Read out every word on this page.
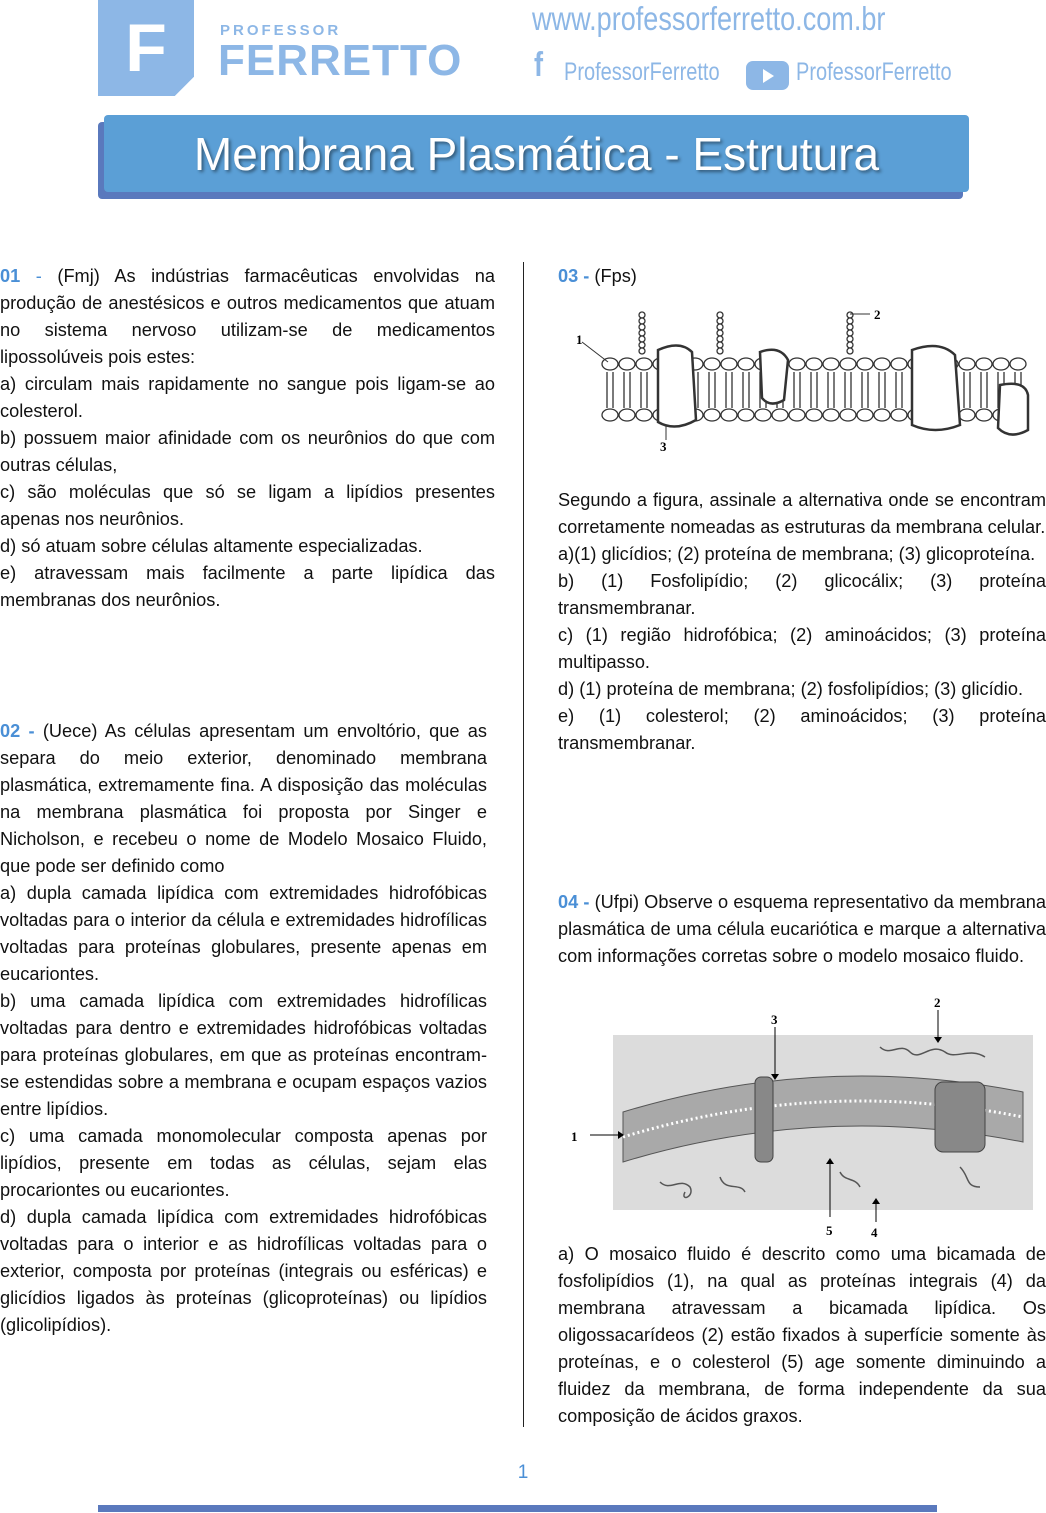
F	PROFESSOR
FERRETTO
www.professorferretto.com.br
f ProfessorFerretto	ProfessorFerretto
Membrana Plasmática - Estrutura

01 - (Fmj) As indústrias farmacêuticas envolvidas na produção de anestésicos e outros medicamentos que atuam no sistema nervoso utilizam-se de medicamentos lipossolúveis pois estes:

a) circulam mais rapidamente no sangue pois ligam-se ao colesterol.

b) possuem maior afinidade com os neurônios do que com outras células,

c) são moléculas que só se ligam a lipídios presentes apenas nos neurônios.

d) só atuam sobre células altamente especializadas.

e) atravessam mais facilmente a parte lipídica das membranas dos neurônios.

02 - (Uece) As células apresentam um envoltório, que as separa do meio exterior, denominado membrana plasmática, extremamente fina. A disposição das moléculas na membrana plasmática foi proposta por Singer e Nicholson, e recebeu o nome de Modelo Mosaico Fluido, que pode ser definido como

a) dupla camada lipídica com extremidades hidrofóbicas voltadas para o interior da célula e extremidades hidrofílicas voltadas para proteínas globulares, presente apenas em eucariontes.

b) uma camada lipídica com extremidades hidrofílicas voltadas para dentro e extremidades hidrofóbicas voltadas para proteínas globulares, em que as proteínas encontram-se estendidas sobre a membrana e ocupam espaços vazios entre lipídios.

c) uma camada monomolecular composta apenas por lipídios, presente em todas as células, sejam elas procariontes ou eucariontes.

d) dupla camada lipídica com extremidades hidrofóbicas voltadas para o interior e as hidrofílicas voltadas para o exterior, composta por proteínas (integrais ou esféricas) e glicídios ligados às proteínas (glicoproteínas) ou lipídios (glicolipídios).

03 - (Fps)

1
2
3

Segundo a figura, assinale a alternativa onde se encontram corretamente nomeadas as estruturas da membrana celular.

a)(1) glicídios; (2) proteína de membrana; (3) glicoproteína.

b) (1) Fosfolipídio; (2) glicocálix; (3) proteína transmembranar.

c) (1) região hidrofóbica; (2) aminoácidos; (3) proteína multipasso.

d) (1) proteína de membrana; (2) fosfolipídios; (3) glicídio.

e) (1) colesterol; (2) aminoácidos; (3) proteína transmembranar.

04 - (Ufpi) Observe o esquema representativo da membrana plasmática de uma célula eucariótica e marque a alternativa com informações corretas sobre o modelo mosaico fluido.

1
2
3
4
5

a) O mosaico fluido é descrito como uma bicamada de fosfolipídios (1), na qual as proteínas integrais (4) da membrana atravessam a bicamada lipídica. Os oligossacarídeos (2) estão fixados à superfície somente às proteínas, e o colesterol (5) age somente diminuindo a fluidez da membrana, de forma independente da sua composição de ácidos graxos.

1
